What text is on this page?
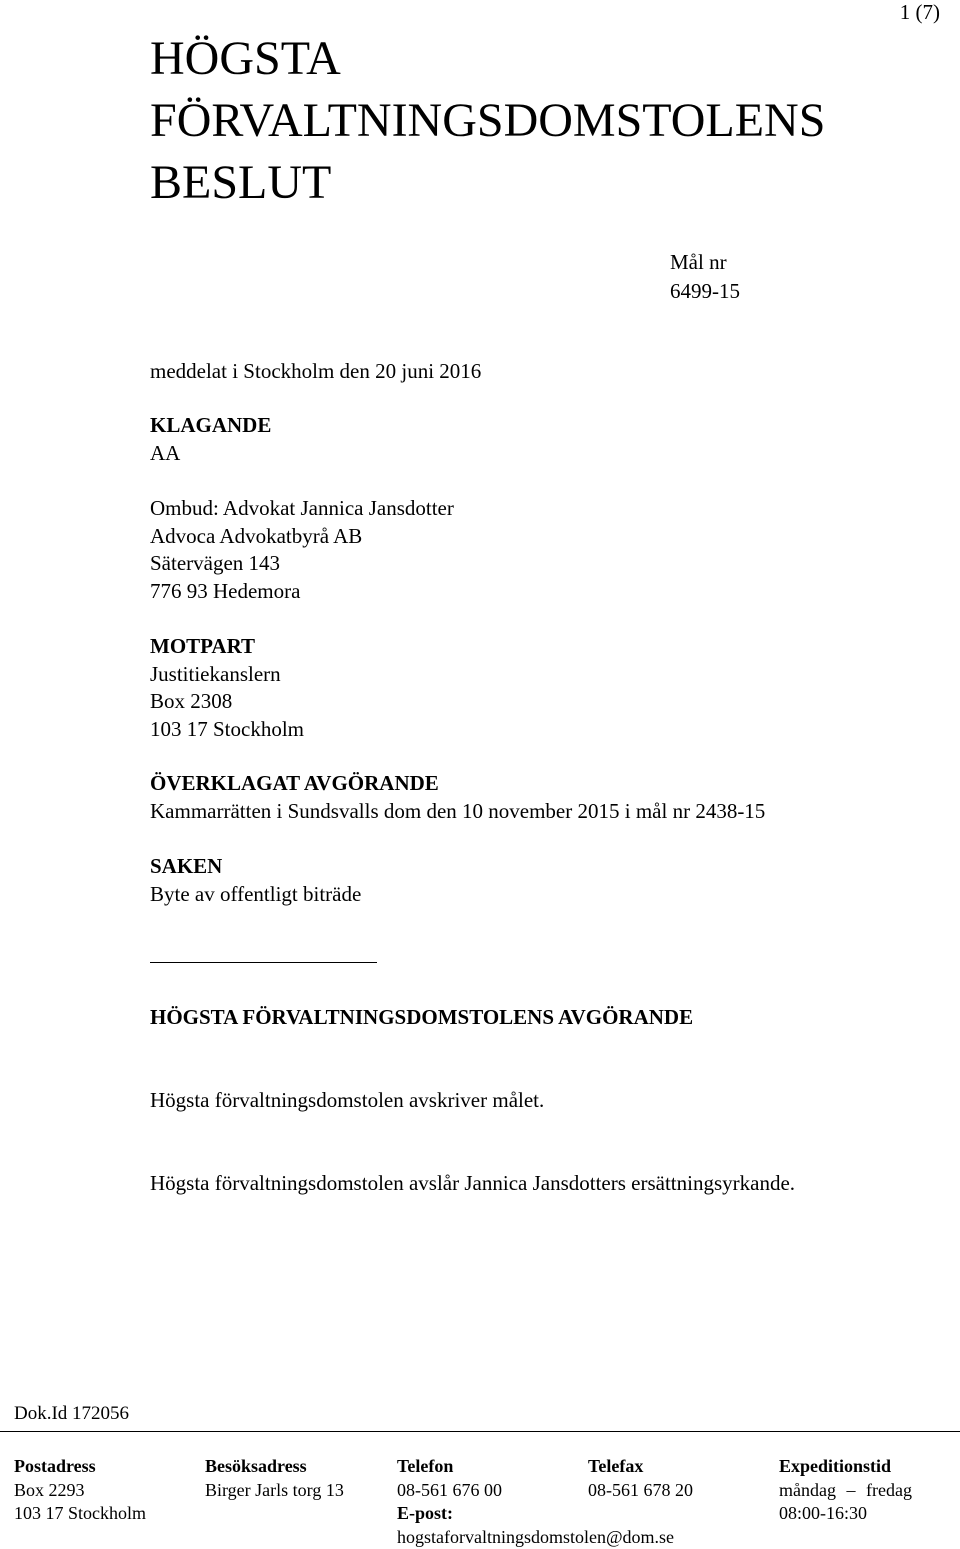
1 (7)
HÖGSTA
FÖRVALTNINGSDOMSTOLENS
BESLUT
Mål nr
6499-15
meddelat i Stockholm den 20 juni 2016
KLAGANDE
AA
Ombud: Advokat Jannica Jansdotter
Advoca Advokatbyrå AB
Sätervägen 143
776 93 Hedemora
MOTPART
Justitiekanslern
Box 2308
103 17 Stockholm
ÖVERKLAGAT AVGÖRANDE
Kammarrätten i Sundsvalls dom den 10 november 2015 i mål nr 2438-15
SAKEN
Byte av offentligt biträde
HÖGSTA FÖRVALTNINGSDOMSTOLENS AVGÖRANDE
Högsta förvaltningsdomstolen avskriver målet.
Högsta förvaltningsdomstolen avslår Jannica Jansdotters ersättningsyrkande.
Dok.Id 172056
Postadress
Box 2293
103 17 Stockholm
Besöksadress
Birger Jarls torg 13
Telefon
08-561 676 00
E-post:
hogstaforvaltningsdomstolen@dom.se
Telefax
08-561 678 20
Expeditionstid
måndag – fredag
08:00-16:30
